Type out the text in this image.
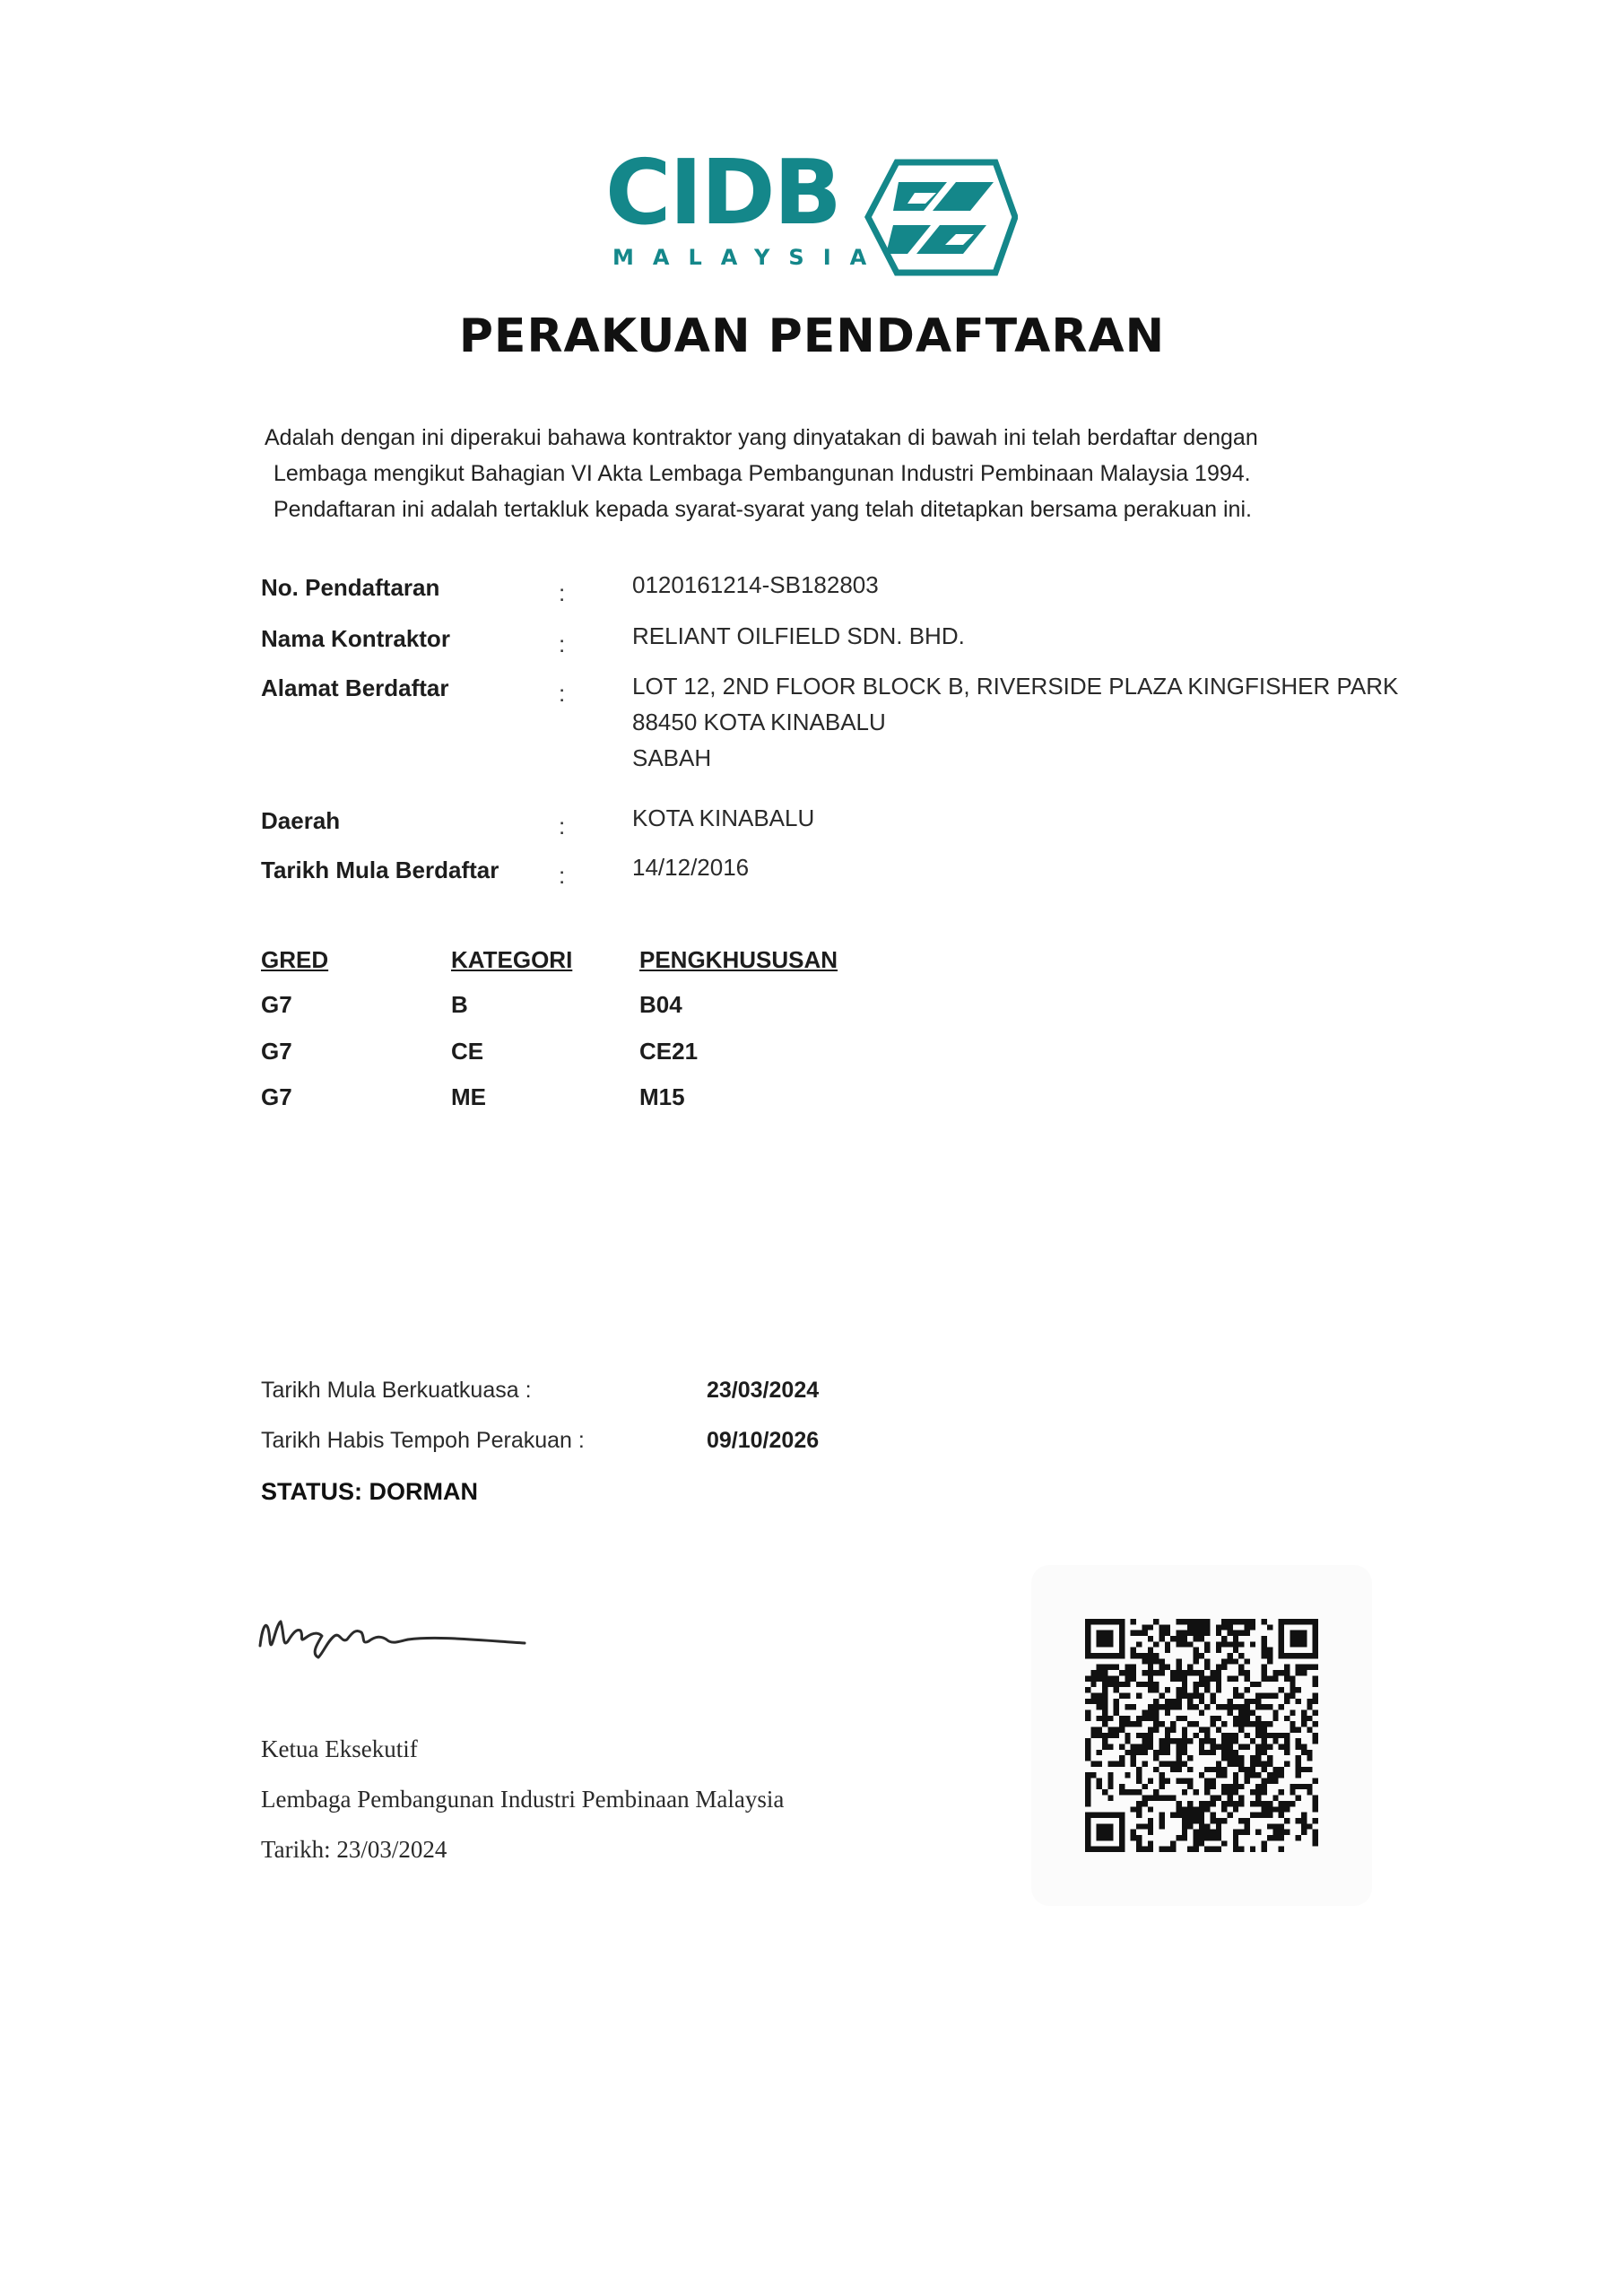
CIDB
MALAYSIA
PERAKUAN PENDAFTARAN
Adalah dengan ini diperakui bahawa kontraktor yang dinyatakan di bawah ini telah berdaftar dengan
Lembaga mengikut Bahagian VI Akta Lembaga Pembangunan Industri Pembinaan Malaysia 1994.
Pendaftaran ini adalah tertakluk kepada syarat-syarat yang telah ditetapkan bersama perakuan ini.
No. Pendaftaran	:	0120161214-SB182803
Nama Kontraktor	:	RELIANT OILFIELD SDN. BHD.
Alamat Berdaftar	:	LOT 12, 2ND FLOOR BLOCK B, RIVERSIDE PLAZA KINGFISHER PARK
88450 KOTA KINABALU
SABAH
Daerah	:	KOTA KINABALU
Tarikh Mula Berdaftar	:	14/12/2016
GRED	KATEGORI	PENGKHUSUSAN
G7	B	B04
G7	CE	CE21
G7	ME	M15
Tarikh Mula Berkuatkuasa :	23/03/2024
Tarikh Habis Tempoh Perakuan :	09/10/2026
STATUS: DORMAN
Ketua Eksekutif
Lembaga Pembangunan Industri Pembinaan Malaysia
Tarikh: 23/03/2024
